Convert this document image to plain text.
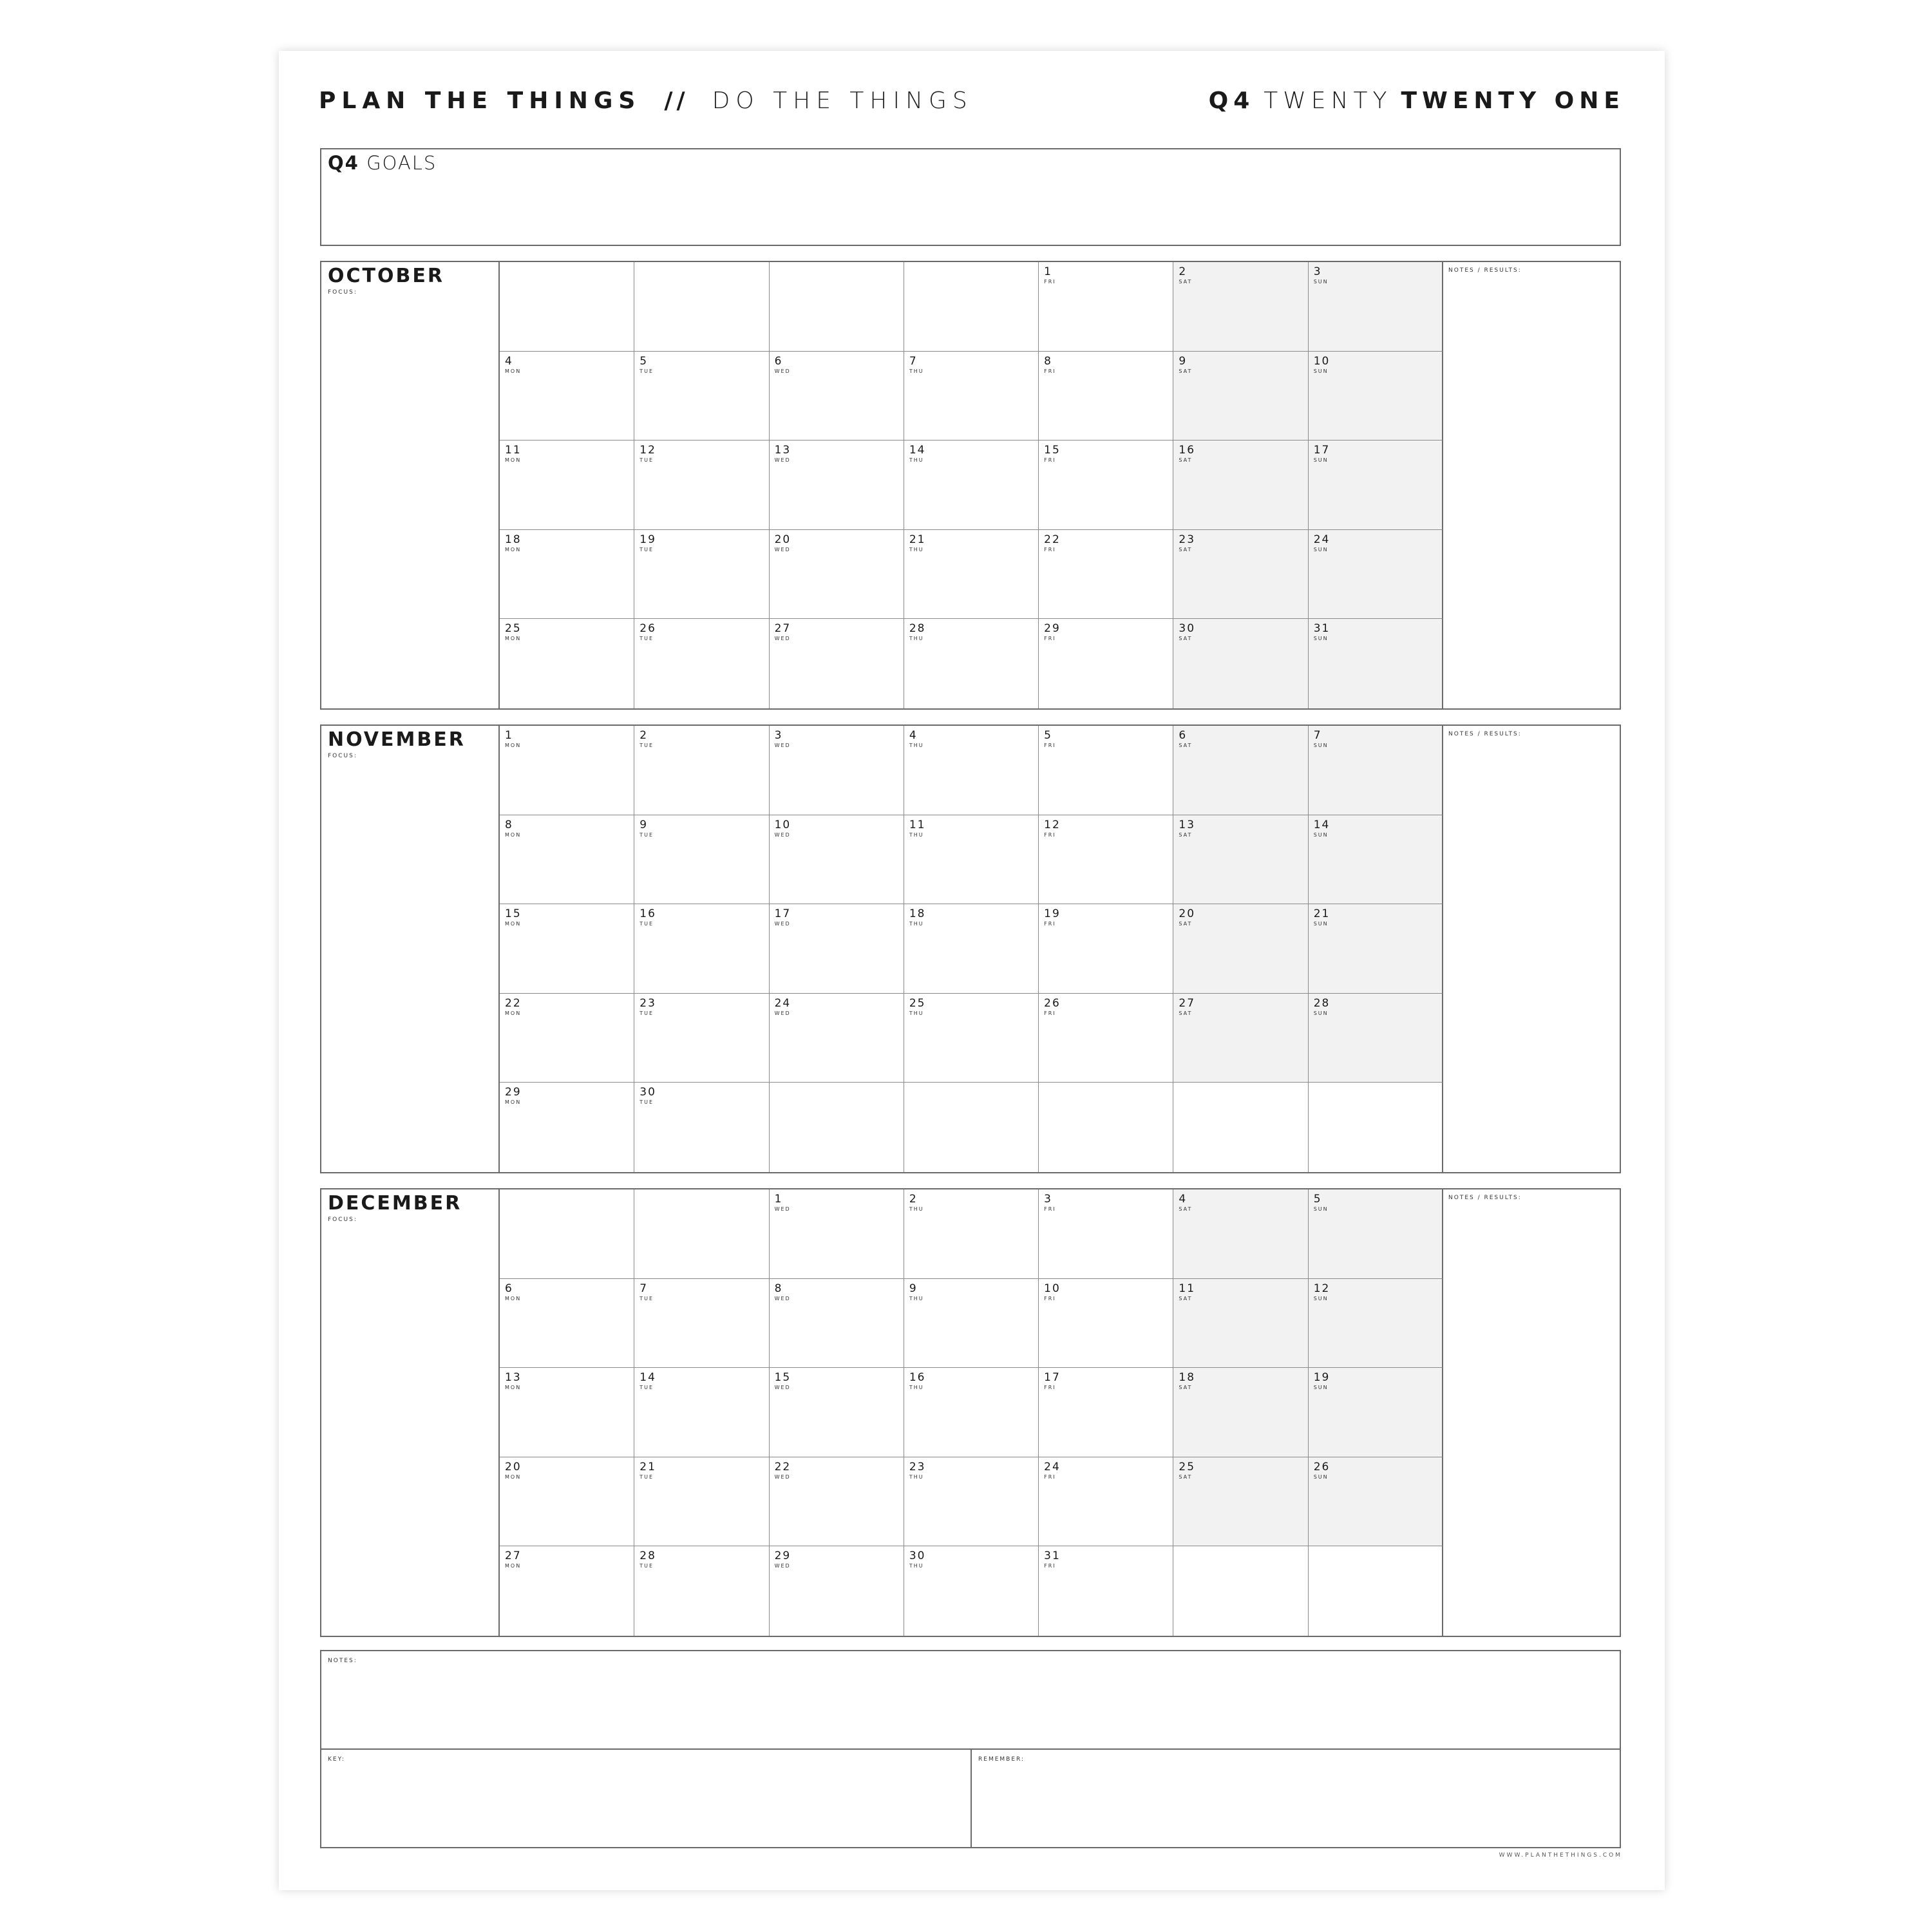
PLAN THE THINGS // DO THE THINGS	Q4 TWENTY TWENTY ONE
Q4 GOALS
OCTOBER
FOCUS:
1
FRI
2
SAT
3
SUN
4
MON
5
TUE
6
WED
7
THU
8
FRI
9
SAT
10
SUN
11
MON
12
TUE
13
WED
14
THU
15
FRI
16
SAT
17
SUN
18
MON
19
TUE
20
WED
21
THU
22
FRI
23
SAT
24
SUN
25
MON
26
TUE
27
WED
28
THU
29
FRI
30
SAT
31
SUN
NOTES / RESULTS:
NOVEMBER
FOCUS:
1
MON
2
TUE
3
WED
4
THU
5
FRI
6
SAT
7
SUN
8
MON
9
TUE
10
WED
11
THU
12
FRI
13
SAT
14
SUN
15
MON
16
TUE
17
WED
18
THU
19
FRI
20
SAT
21
SUN
22
MON
23
TUE
24
WED
25
THU
26
FRI
27
SAT
28
SUN
29
MON
30
TUE
NOTES / RESULTS:
DECEMBER
FOCUS:
1
WED
2
THU
3
FRI
4
SAT
5
SUN
6
MON
7
TUE
8
WED
9
THU
10
FRI
11
SAT
12
SUN
13
MON
14
TUE
15
WED
16
THU
17
FRI
18
SAT
19
SUN
20
MON
21
TUE
22
WED
23
THU
24
FRI
25
SAT
26
SUN
27
MON
28
TUE
29
WED
30
THU
31
FRI
NOTES / RESULTS:
NOTES:
KEY:	REMEMBER:
WWW.PLANTHETHINGS.COM
